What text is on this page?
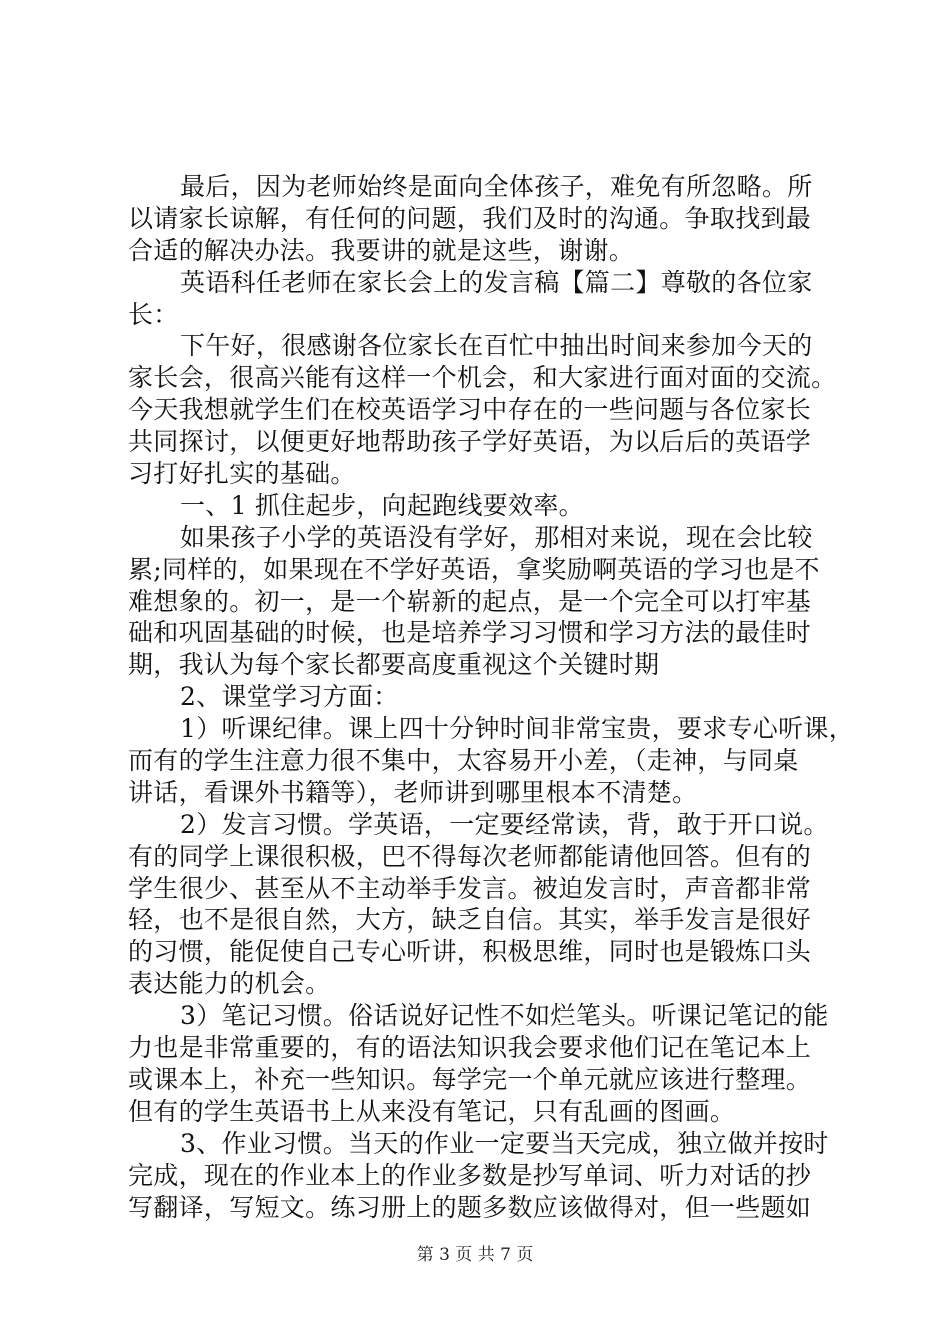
最后，因为老师始终是面向全体孩子，难免有所忽略。所
以请家长谅解，有任何的问题，我们及时的沟通。争取找到最
合适的解决办法。我要讲的就是这些，谢谢。
英语科任老师在家长会上的发言稿【篇二】尊敬的各位家
长：
下午好，很感谢各位家长在百忙中抽出时间来参加今天的
家长会，很高兴能有这样一个机会，和大家进行面对面的交流。
今天我想就学生们在校英语学习中存在的一些问题与各位家长
共同探讨，以便更好地帮助孩子学好英语，为以后后的英语学
习打好扎实的基础。
一、1 抓住起步，向起跑线要效率。
如果孩子小学的英语没有学好，那相对来说，现在会比较
累;同样的，如果现在不学好英语，拿奖励啊英语的学习也是不
难想象的。初一，是一个崭新的起点，是一个完全可以打牢基
础和巩固基础的时候，也是培养学习习惯和学习方法的最佳时
期，我认为每个家长都要高度重视这个关键时期
2、课堂学习方面：
1）听课纪律。课上四十分钟时间非常宝贵，要求专心听课，
而有的学生注意力很不集中，太容易开小差，（走神，与同桌
讲话，看课外书籍等），老师讲到哪里根本不清楚。
2）发言习惯。学英语，一定要经常读，背，敢于开口说。
有的同学上课很积极，巴不得每次老师都能请他回答。但有的
学生很少、甚至从不主动举手发言。被迫发言时，声音都非常
轻，也不是很自然，大方，缺乏自信。其实，举手发言是很好
的习惯，能促使自己专心听讲，积极思维，同时也是锻炼口头
表达能力的机会。
3）笔记习惯。俗话说好记性不如烂笔头。听课记笔记的能
力也是非常重要的，有的语法知识我会要求他们记在笔记本上
或课本上，补充一些知识。每学完一个单元就应该进行整理。
但有的学生英语书上从来没有笔记，只有乱画的图画。
3、作业习惯。当天的作业一定要当天完成，独立做并按时
完成，现在的作业本上的作业多数是抄写单词、听力对话的抄
写翻译，写短文。练习册上的题多数应该做得对，但一些题如
第 3 页 共 7 页
